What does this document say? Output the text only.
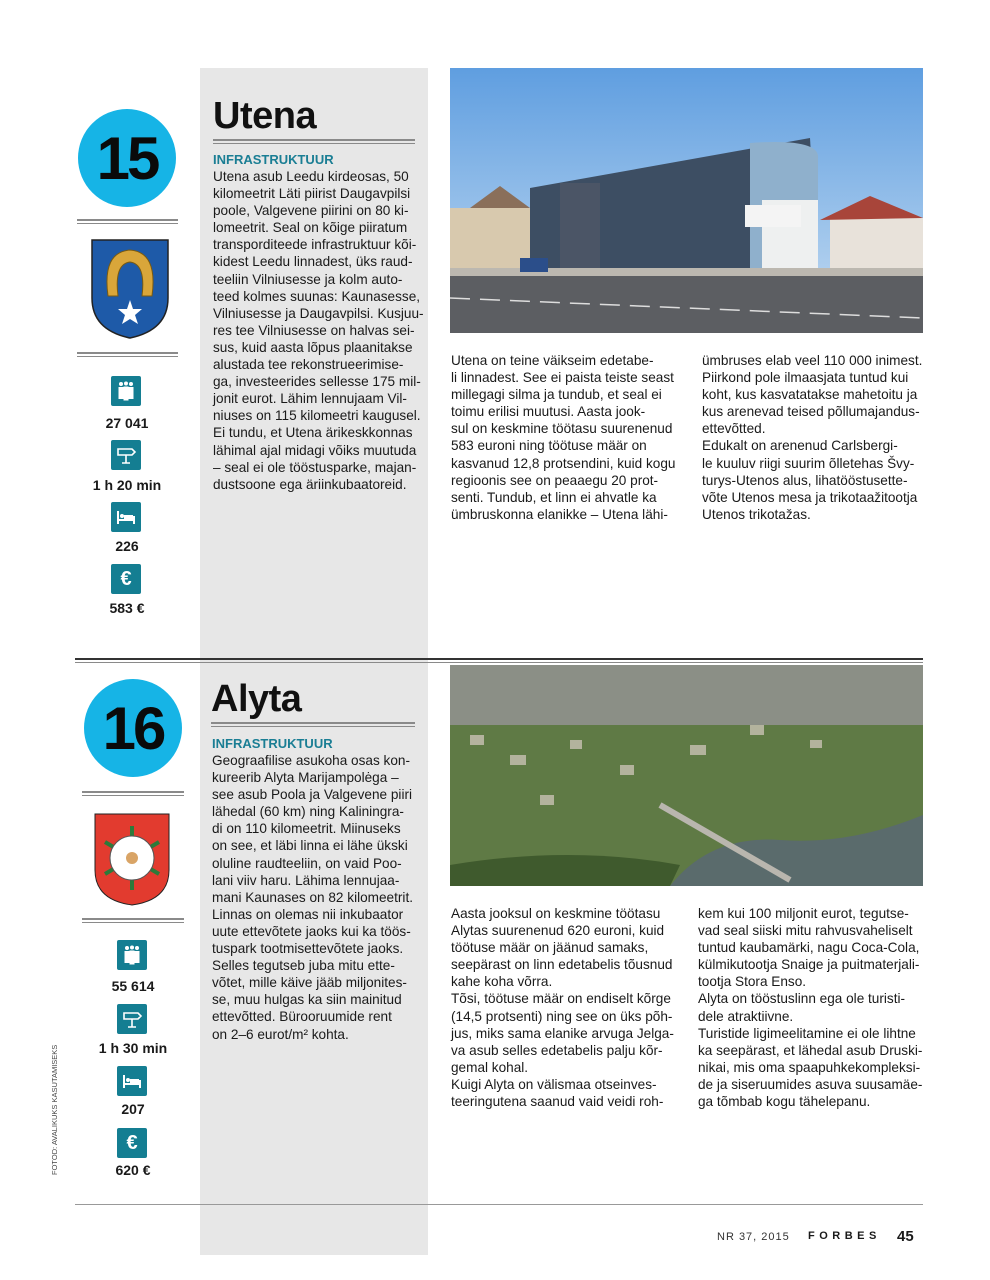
15
27 041
1 h 20 min
226
€
583 €
Utena
INFRASTRUKTUUR
Utena asub Leedu kirdeosas, 50
kilomeetrit Läti piirist Daugavpilsi
poole, Valgevene piirini on 80 ki-
lomeetrit. Seal on kõige piiratum
transporditeede infrastruktuur kõi-
kidest Leedu linnadest, üks raud-
teeliin Vilniusesse ja kolm auto-
teed kolmes suunas: Kaunasesse,
Vilniusesse ja Daugavpilsi. Kusjuu-
res tee Vilniusesse on halvas sei-
sus, kuid aasta lõpus plaanitakse
alustada tee rekonstrueerimise-
ga, investeerides sellesse 175 mil-
jonit eurot. Lähim lennujaam Vil-
niuses on 115 kilomeetri kaugusel.
Ei tundu, et Utena ärikeskkonnas
lähimal ajal midagi võiks muutuda
– seal ei ole tööstusparke, majan-
dustsoone ega äriinkubaatoreid.
Utena on teine väikseim edetabe-
li linnadest. See ei paista teiste seast
millegagi silma ja tundub, et seal ei
toimu erilisi muutusi. Aasta jook-
sul on keskmine töötasu suurenenud
583 euroni ning töötuse määr on
kasvanud 12,8 protsendini, kuid kogu
regioonis see on peaaegu 20 prot-
senti. Tundub, et linn ei ahvatle ka
ümbruskonna elanikke – Utena lähi-
ümbruses elab veel 110 000 inimest.
Piirkond pole ilmaasjata tuntud kui
koht, kus kasvatatakse mahetoitu ja
kus arenevad teised põllumajandus-
ettevõtted.
Edukalt on arenenud Carlsbergi-
le kuuluv riigi suurim õlletehas Švy-
turys-Utenos alus, lihatööstusette-
võte Utenos mesa ja trikotaažitootja
Utenos trikotažas.
16
55 614
1 h 30 min
207
€
620 €
Alyta
INFRASTRUKTUUR
Geograafilise asukoha osas kon-
kureerib Alyta Marijampolėga –
see asub Poola ja Valgevene piiri
lähedal (60 km) ning Kaliningra-
di on 110 kilomeetrit. Miinuseks
on see, et läbi linna ei lähe ükski
oluline raudteeliin, on vaid Poo-
lani viiv haru. Lähima lennujaa-
mani Kaunases on 82 kilomeetrit.
Linnas on olemas nii inkubaator
uute ettevõtete jaoks kui ka töös-
tuspark tootmisettevõtete jaoks.
Selles tegutseb juba mitu ette-
võtet, mille käive jääb miljonites-
se, muu hulgas ka siin mainitud
ettevõtted. Bürooruumide rent
on 2–6 eurot/m² kohta.
Aasta jooksul on keskmine töötasu
Alytas suurenenud 620 euroni, kuid
töötuse määr on jäänud samaks,
seepärast on linn edetabelis tõusnud
kahe koha võrra.
Tõsi, töötuse määr on endiselt kõrge
(14,5 protsenti) ning see on üks põh-
jus, miks sama elanike arvuga Jelga-
va asub selles edetabelis palju kõr-
gemal kohal.
Kuigi Alyta on välismaa otseinves-
teeringutena saanud vaid veidi roh-
kem kui 100 miljonit eurot, tegutse-
vad seal siiski mitu rahvusvaheliselt
tuntud kaubamärki, nagu Coca-Cola,
külmikutootja Snaige ja puitmaterjali-
tootja Stora Enso.
Alyta on tööstuslinn ega ole turisti-
dele atraktiivne.
Turistide ligimeelitamine ei ole lihtne
ka seepärast, et lähedal asub Druski-
nikai, mis oma spaapuhkekompleksi-
de ja siseruumides asuva suusamäe-
ga tõmbab kogu tähelepanu.
FOTOD: AVALIKUKS KASUTAMISEKS
NR 37, 2015 FORBES 45
